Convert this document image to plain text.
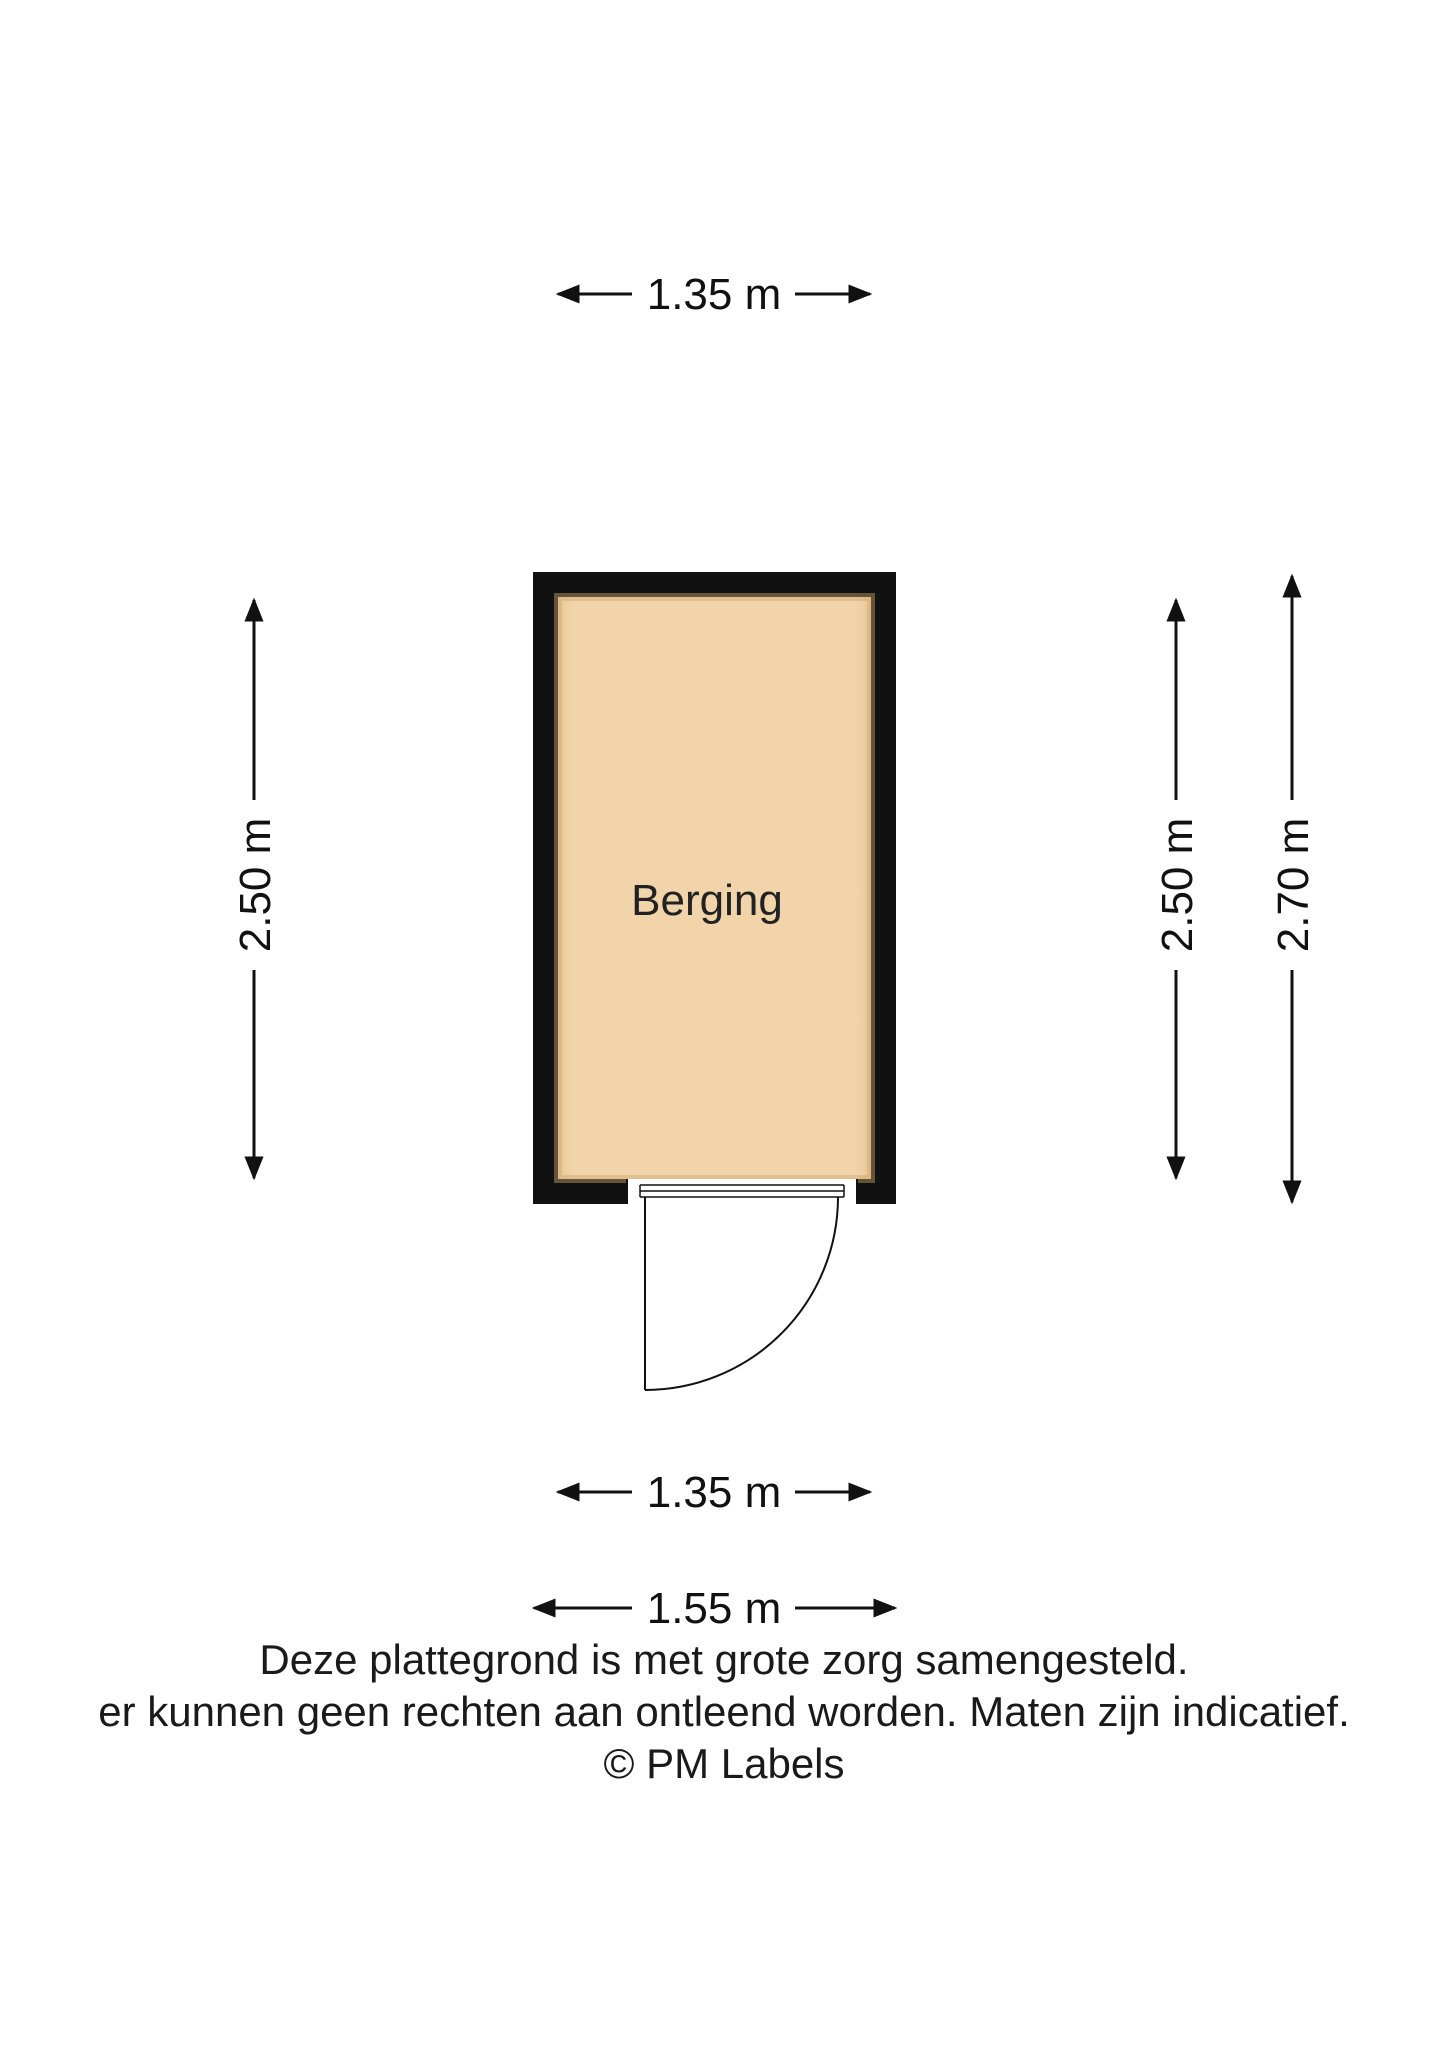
1.35 m
2.50 m	2.50 m 2.70 m
Berging
1.35 m
1.55 m
Deze plattegrond is met grote zorg samengesteld.
er kunnen geen rechten aan ontleend worden. Maten zijn indicatief.
© PM Labels
